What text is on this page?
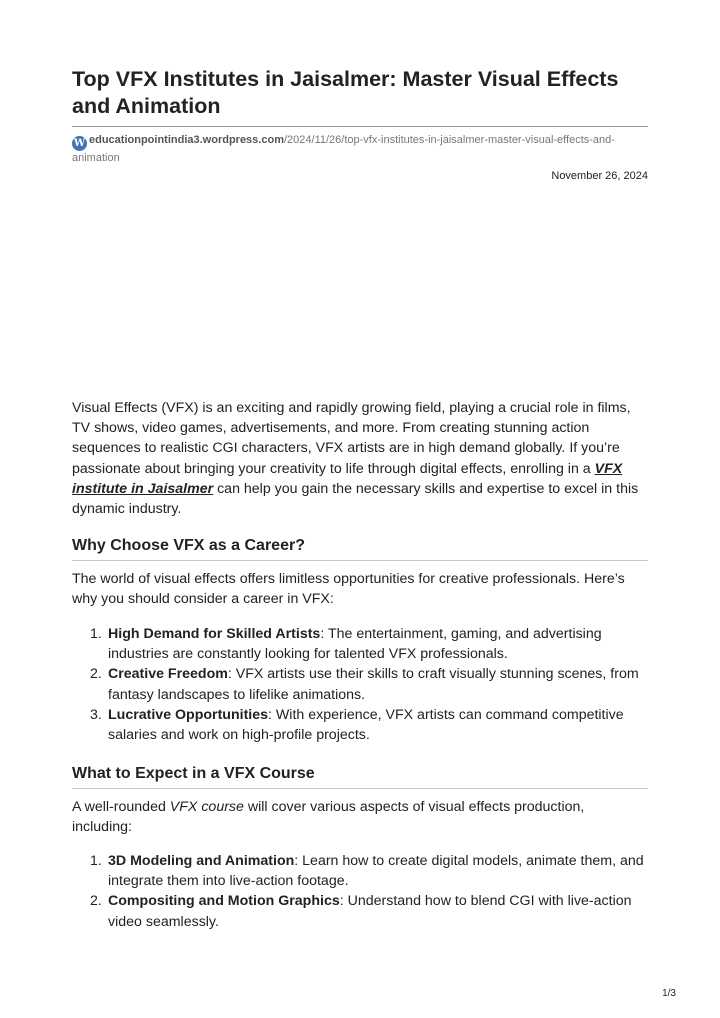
Top VFX Institutes in Jaisalmer: Master Visual Effects and Animation
W educationpointindia3.wordpress.com/2024/11/26/top-vfx-institutes-in-jaisalmer-master-visual-effects-and-animation
November 26, 2024

Visual Effects (VFX) is an exciting and rapidly growing field, playing a crucial role in films, TV shows, video games, advertisements, and more. From creating stunning action sequences to realistic CGI characters, VFX artists are in high demand globally. If you’re passionate about bringing your creativity to life through digital effects, enrolling in a VFX institute in Jaisalmer can help you gain the necessary skills and expertise to excel in this dynamic industry.

Why Choose VFX as a Career?

The world of visual effects offers limitless opportunities for creative professionals. Here’s why you should consider a career in VFX:

1. High Demand for Skilled Artists: The entertainment, gaming, and advertising industries are constantly looking for talented VFX professionals.
2. Creative Freedom: VFX artists use their skills to craft visually stunning scenes, from fantasy landscapes to lifelike animations.
3. Lucrative Opportunities: With experience, VFX artists can command competitive salaries and work on high-profile projects.
What to Expect in a VFX Course

A well-rounded VFX course will cover various aspects of visual effects production, including:

1. 3D Modeling and Animation: Learn how to create digital models, animate them, and integrate them into live-action footage.
2. Compositing and Motion Graphics: Understand how to blend CGI with live-action video seamlessly.
1/3
